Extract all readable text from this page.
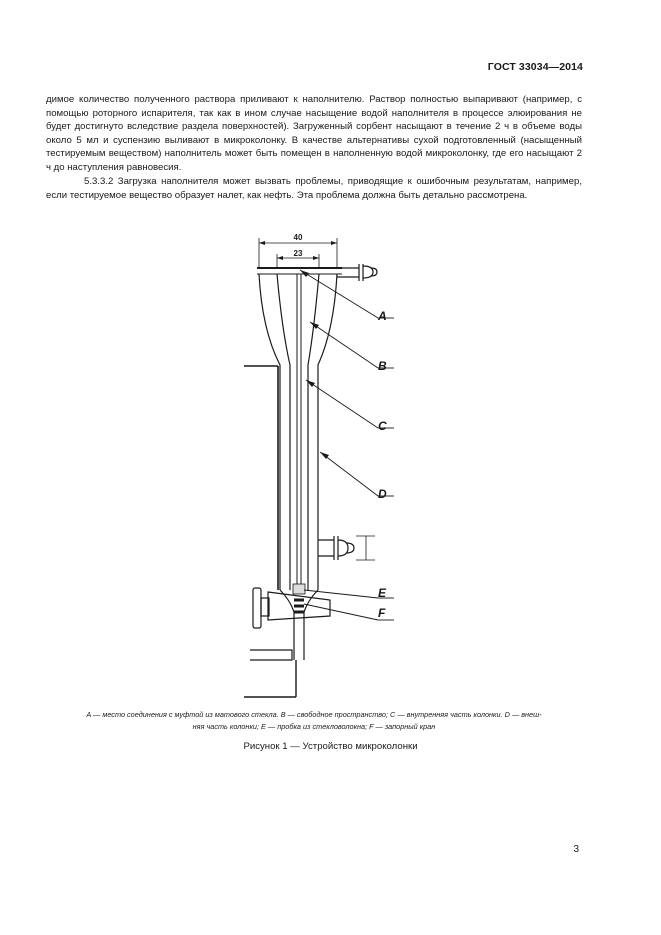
ГОСТ 33034—2014

димое количество полученного раствора приливают к наполнителю. Раствор полностью выпаривают (например, с помощью роторного испарителя, так как в ином случае насыщение водой наполнителя в процессе элюирования не будет достигнуто вследствие раздела поверхностей). Загруженный сорбент насыщают в течение 2 ч в объеме воды около 5 мл и суспензию выливают в микроколонку. В качестве альтернативы сухой подготовленный (насыщенный тестируемым веществом) наполнитель может быть помещен в наполненную водой микроколонку, где его насыщают 2 ч до наступления равновесия.

5.3.3.2 Загрузка наполнителя может вызвать проблемы, приводящие к ошибочным результатам, например, если тестируемое вещество образует налет, как нефть. Эта проблема должна быть детально рассмотрена.

40
23
A
B
C
D
E
F
A — место соединения с муфтой из матового стекла. B — свободное пространство; C — внутренняя часть колонки. D — внеш-
няя часть колонки; E — пробка из стекловолокна; F — запорный кран
Рисунок 1 — Устройство микроколонки
3
